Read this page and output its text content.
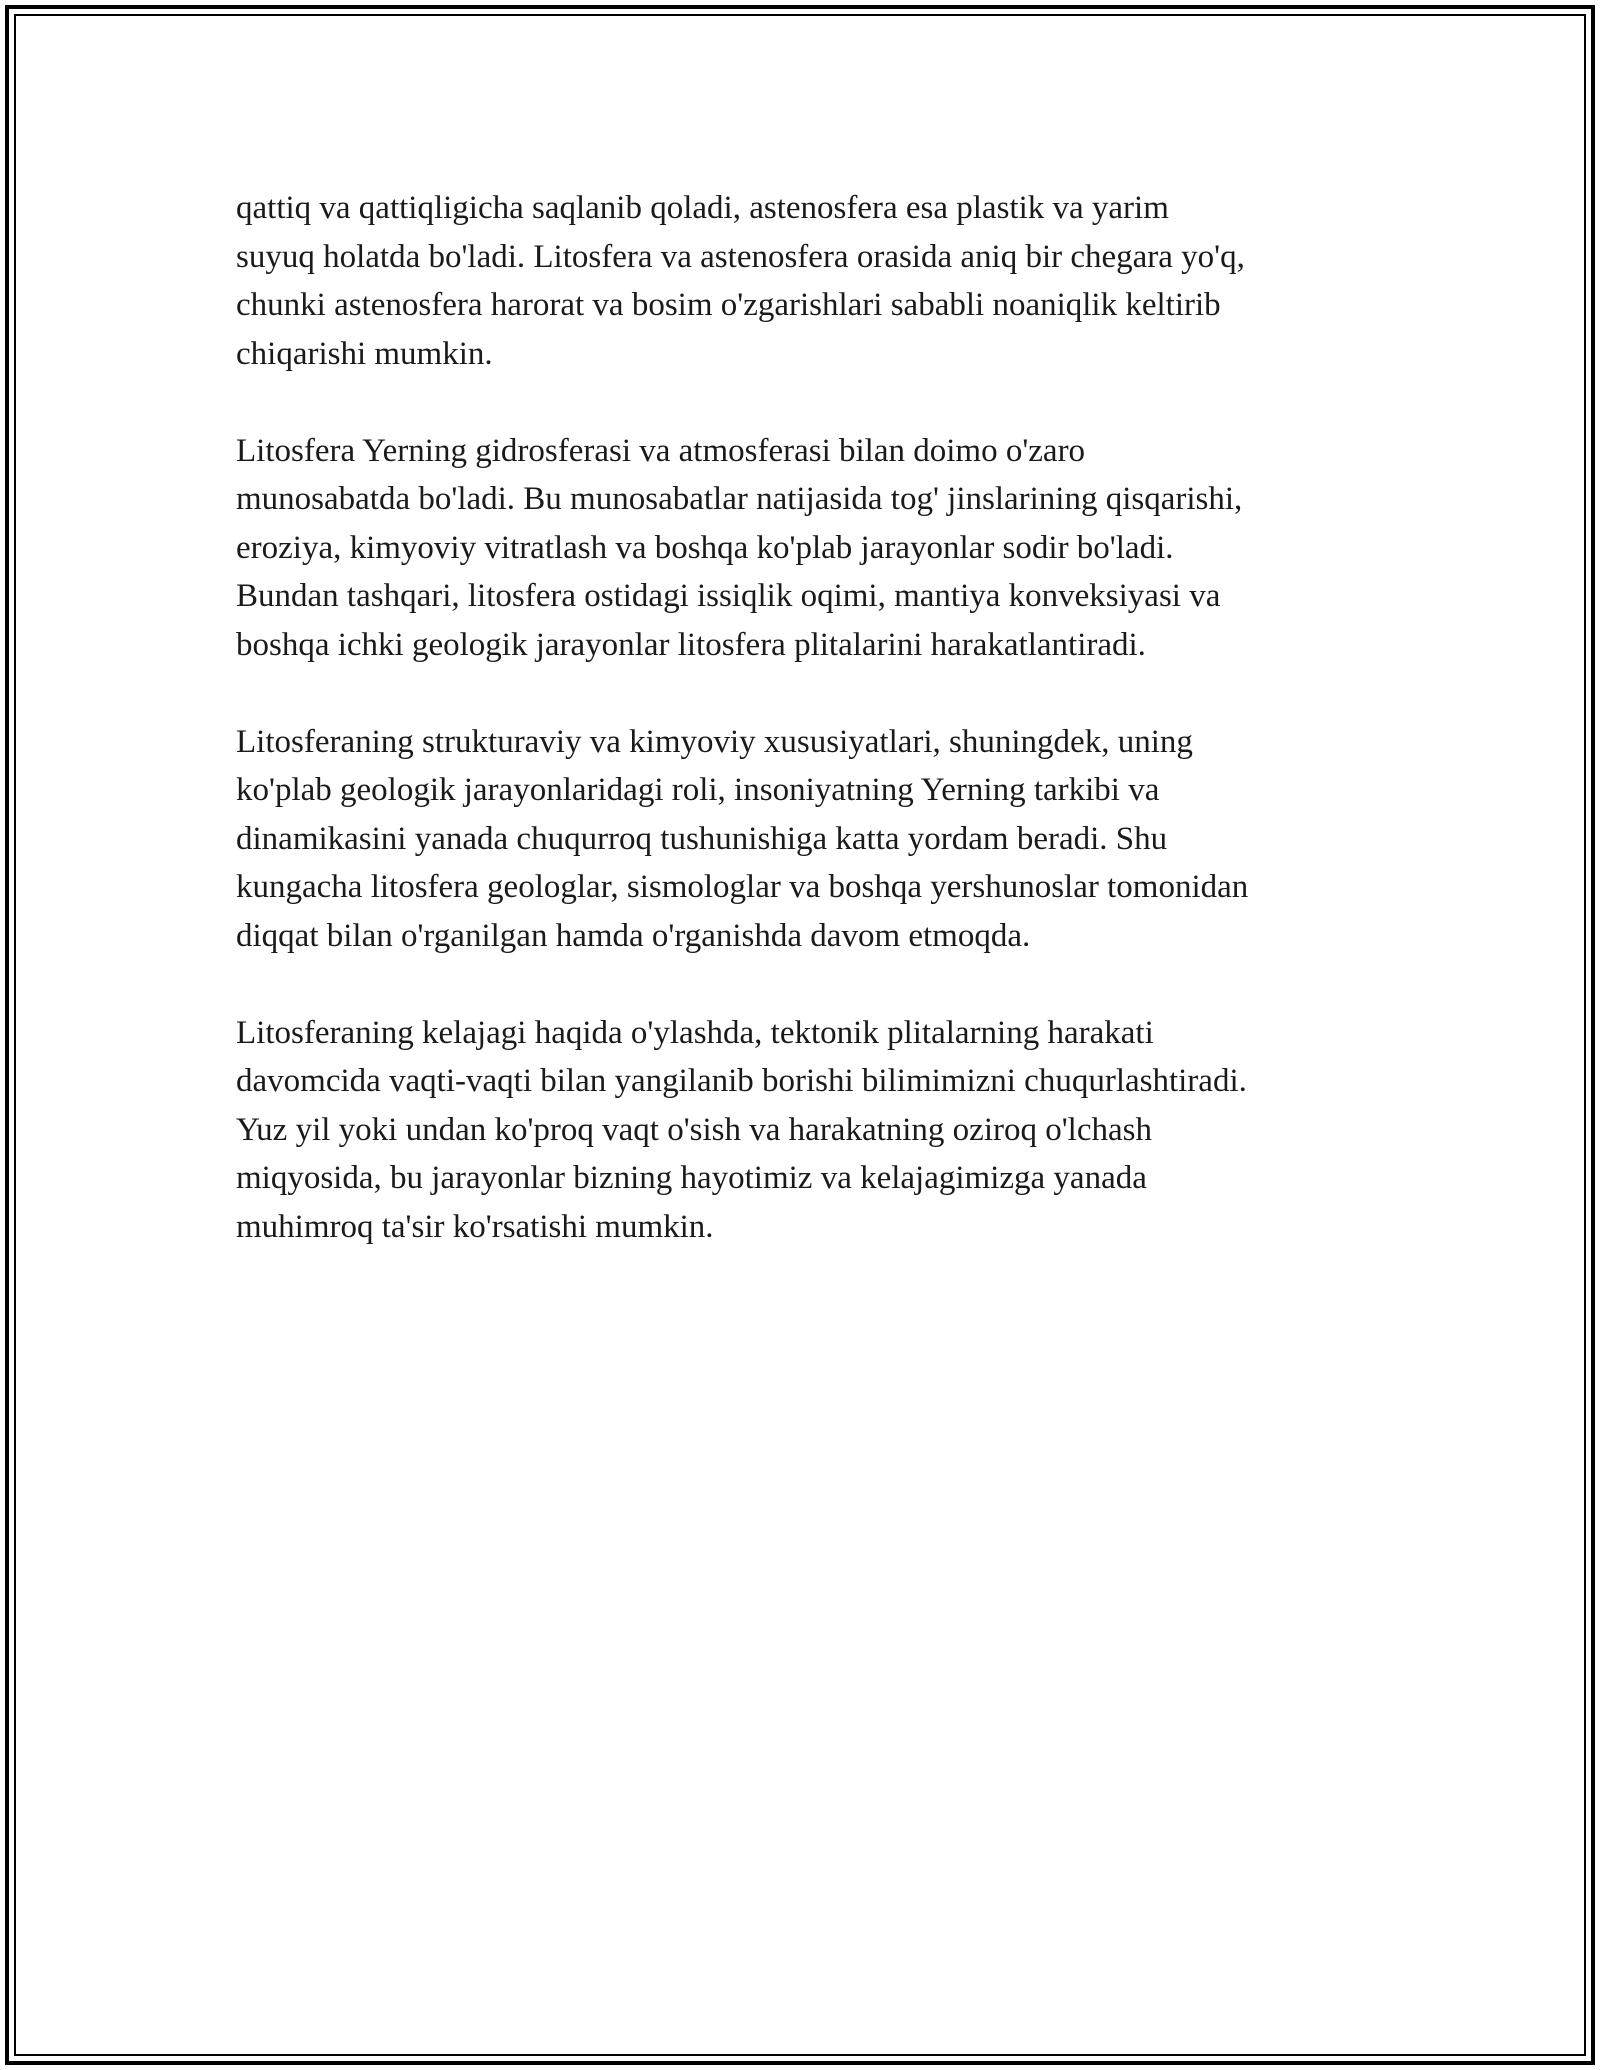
qattiq va qattiqligicha saqlanib qoladi, astenosfera esa plastik va yarim
suyuq holatda bo'ladi. Litosfera va astenosfera orasida aniq bir chegara yo'q,
chunki astenosfera harorat va bosim o'zgarishlari sababli noaniqlik keltirib
chiqarishi mumkin.

Litosfera Yerning gidrosferasi va atmosferasi bilan doimo o'zaro
munosabatda bo'ladi. Bu munosabatlar natijasida tog' jinslarining qisqarishi,
eroziya, kimyoviy vitratlash va boshqa ko'plab jarayonlar sodir bo'ladi.
Bundan tashqari, litosfera ostidagi issiqlik oqimi, mantiya konveksiyasi va
boshqa ichki geologik jarayonlar litosfera plitalarini harakatlantiradi.

Litosferaning strukturaviy va kimyoviy xususiyatlari, shuningdek, uning
ko'plab geologik jarayonlaridagi roli, insoniyatning Yerning tarkibi va
dinamikasini yanada chuqurroq tushunishiga katta yordam beradi. Shu
kungacha litosfera geologlar, sismologlar va boshqa yershunoslar tomonidan
diqqat bilan o'rganilgan hamda o'rganishda davom etmoqda.

Litosferaning kelajagi haqida o'ylashda, tektonik plitalarning harakati
davomcida vaqti-vaqti bilan yangilanib borishi bilimimizni chuqurlashtiradi.
Yuz yil yoki undan ko'proq vaqt o'sish va harakatning oziroq o'lchash
miqyosida, bu jarayonlar bizning hayotimiz va kelajagimizga yanada
muhimroq ta'sir ko'rsatishi mumkin.
